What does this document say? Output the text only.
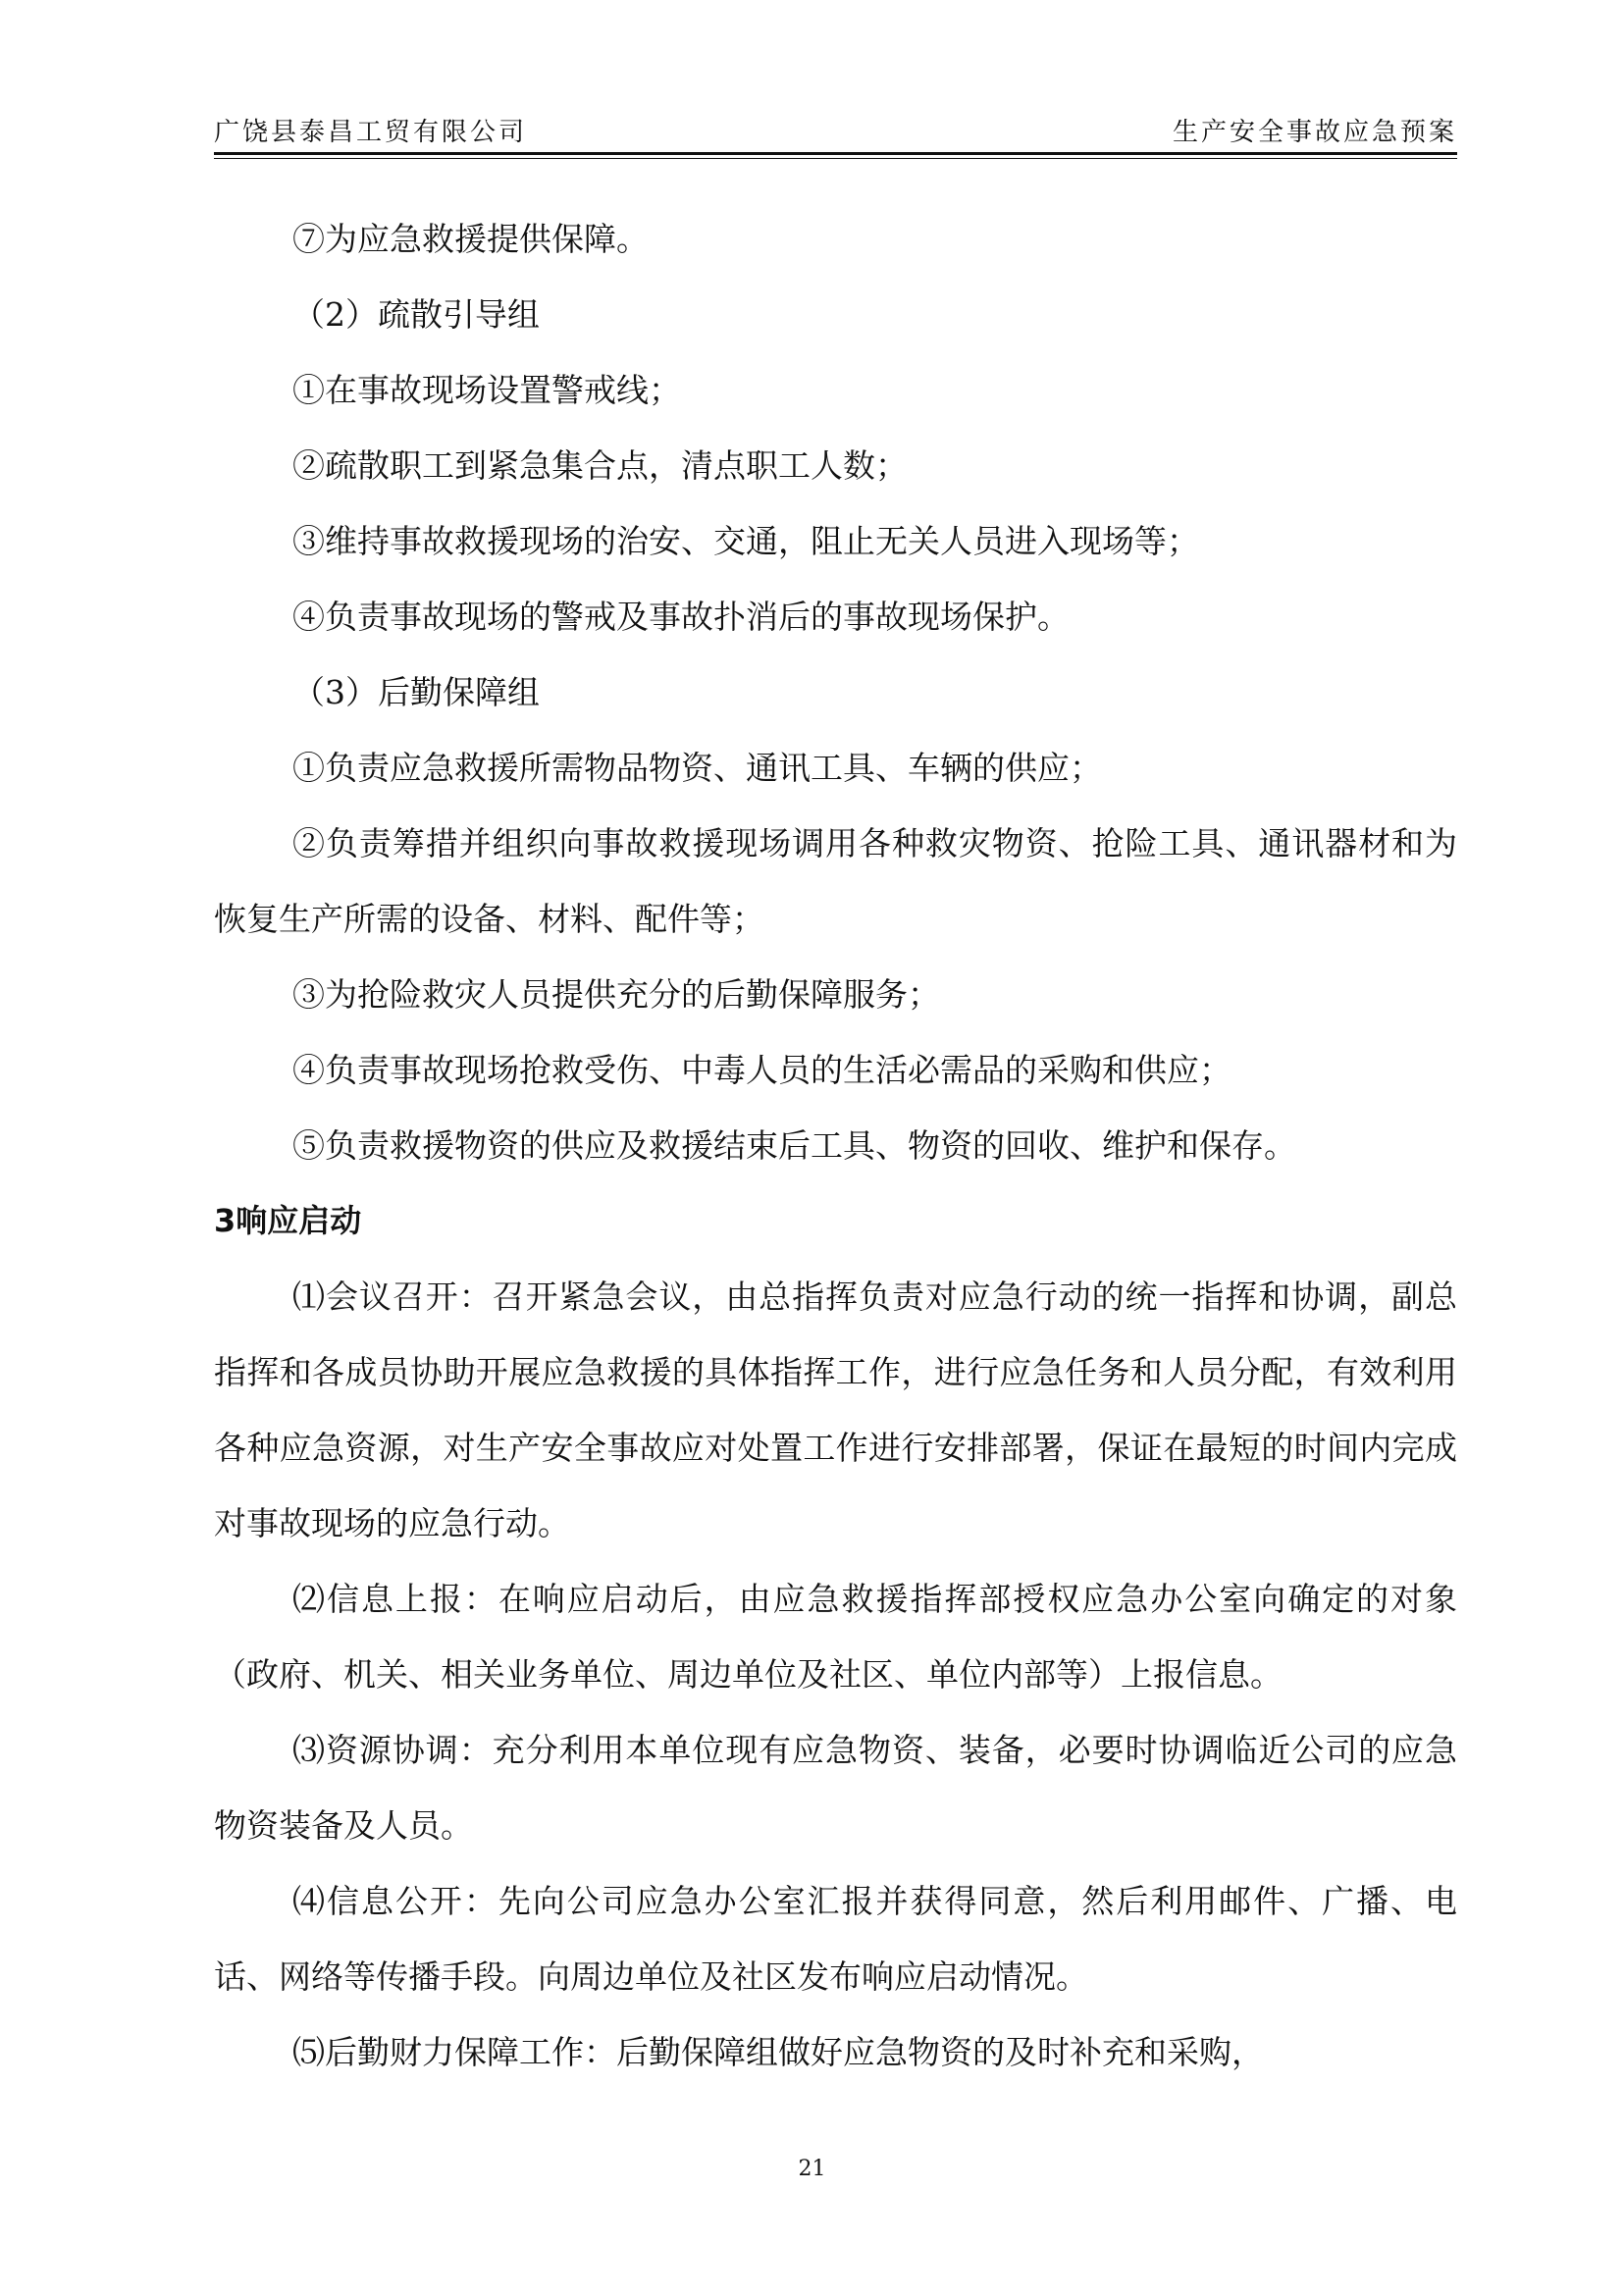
广饶县泰昌工贸有限公司	生产安全事故应急预案

⑦为应急救援提供保障。

（2）疏散引导组

①在事故现场设置警戒线；

②疏散职工到紧急集合点，清点职工人数；

③维持事故救援现场的治安、交通，阻止无关人员进入现场等；

④负责事故现场的警戒及事故扑消后的事故现场保护。

（3）后勤保障组

①负责应急救援所需物品物资、通讯工具、车辆的供应；

②负责筹措并组织向事故救援现场调用各种救灾物资、抢险工具、通讯器材和为恢复生产所需的设备、材料、配件等；

③为抢险救灾人员提供充分的后勤保障服务；

④负责事故现场抢救受伤、中毒人员的生活必需品的采购和供应；

⑤负责救援物资的供应及救援结束后工具、物资的回收、维护和保存。

3响应启动

⑴会议召开：召开紧急会议，由总指挥负责对应急行动的统一指挥和协调，副总指挥和各成员协助开展应急救援的具体指挥工作，进行应急任务和人员分配，有效利用各种应急资源，对生产安全事故应对处置工作进行安排部署，保证在最短的时间内完成对事故现场的应急行动。

⑵信息上报：在响应启动后，由应急救援指挥部授权应急办公室向确定的对象（政府、机关、相关业务单位、周边单位及社区、单位内部等）上报信息。

⑶资源协调：充分利用本单位现有应急物资、装备，必要时协调临近公司的应急物资装备及人员。

⑷信息公开：先向公司应急办公室汇报并获得同意，然后利用邮件、广播、电话、网络等传播手段。向周边单位及社区发布响应启动情况。

⑸后勤财力保障工作：后勤保障组做好应急物资的及时补充和采购，

21
